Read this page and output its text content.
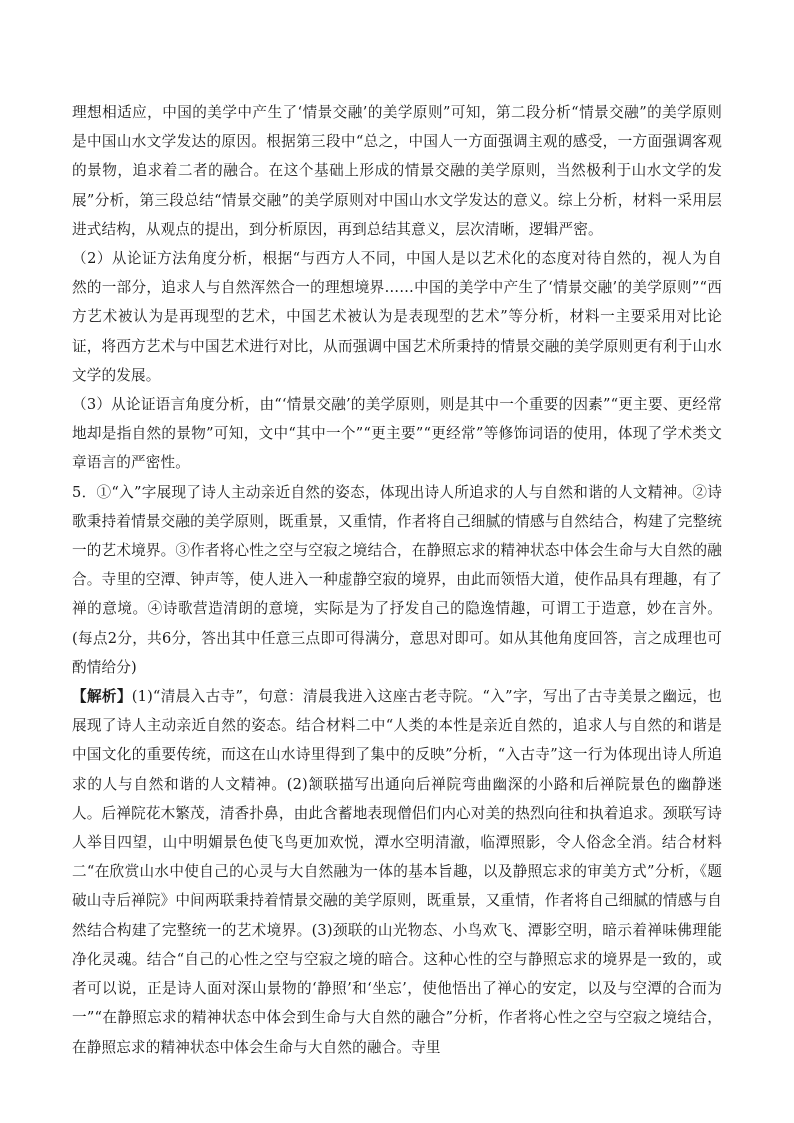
理想相适应，中国的美学中产生了‘情景交融’的美学原则”可知，第二段分析“情景交融”的美学原则是中国山水文学发达的原因。根据第三段中“总之，中国人一方面强调主观的感受，一方面强调客观的景物，追求着二者的融合。在这个基础上形成的情景交融的美学原则，当然极利于山水文学的发展”分析，第三段总结“情景交融”的美学原则对中国山水文学发达的意义。综上分析，材料一采用层进式结构，从观点的提出，到分析原因，再到总结其意义，层次清晰，逻辑严密。

（2）从论证方法角度分析，根据“与西方人不同，中国人是以艺术化的态度对待自然的，视人为自然的一部分，追求人与自然浑然合一的理想境界……中国的美学中产生了‘情景交融’的美学原则”“西方艺术被认为是再现型的艺术，中国艺术被认为是表现型的艺术”等分析，材料一主要采用对比论证，将西方艺术与中国艺术进行对比，从而强调中国艺术所秉持的情景交融的美学原则更有利于山水文学的发展。

（3）从论证语言角度分析，由“‘情景交融’的美学原则，则是其中一个重要的因素”“更主要、更经常地却是指自然的景物”可知，文中“其中一个”“更主要”“更经常”等修饰词语的使用，体现了学术类文章语言的严密性。

5．①“入”字展现了诗人主动亲近自然的姿态，体现出诗人所追求的人与自然和谐的人文精神。②诗歌秉持着情景交融的美学原则，既重景，又重情，作者将自己细腻的情感与自然结合，构建了完整统一的艺术境界。③作者将心性之空与空寂之境结合，在静照忘求的精神状态中体会生命与大自然的融合。寺里的空潭、钟声等，使人进入一种虚静空寂的境界，由此而领悟大道，使作品具有理趣，有了禅的意境。④诗歌营造清朗的意境，实际是为了抒发自己的隐逸情趣，可谓工于造意，妙在言外。(每点2分，共6分，答出其中任意三点即可得满分，意思对即可。如从其他角度回答，言之成理也可酌情给分)

【解析】(1)“清晨入古寺”，句意：清晨我进入这座古老寺院。“入”字，写出了古寺美景之幽远，也展现了诗人主动亲近自然的姿态。结合材料二中“人类的本性是亲近自然的，追求人与自然的和谐是中国文化的重要传统，而这在山水诗里得到了集中的反映”分析，“入古寺”这一行为体现出诗人所追求的人与自然和谐的人文精神。(2)颔联描写出通向后禅院弯曲幽深的小路和后禅院景色的幽静迷人。后禅院花木繁茂，清香扑鼻，由此含蓄地表现僧侣们内心对美的热烈向往和执着追求。颈联写诗人举目四望，山中明媚景色使飞鸟更加欢悦，潭水空明清澈，临潭照影，令人俗念全消。结合材料二“在欣赏山水中使自己的心灵与大自然融为一体的基本旨趣，以及静照忘求的审美方式”分析，《题破山寺后禅院》中间两联秉持着情景交融的美学原则，既重景，又重情，作者将自己细腻的情感与自然结合构建了完整统一的艺术境界。(3)颈联的山光物态、小鸟欢飞、潭影空明，暗示着禅味佛理能净化灵魂。结合“自己的心性之空与空寂之境的暗合。这种心性的空与静照忘求的境界是一致的，或者可以说，正是诗人面对深山景物的‘静照’和‘坐忘’，使他悟出了禅心的安定，以及与空潭的合而为一”“在静照忘求的精神状态中体会到生命与大自然的融合”分析，作者将心性之空与空寂之境结合，在静照忘求的精神状态中体会生命与大自然的融合。寺里
